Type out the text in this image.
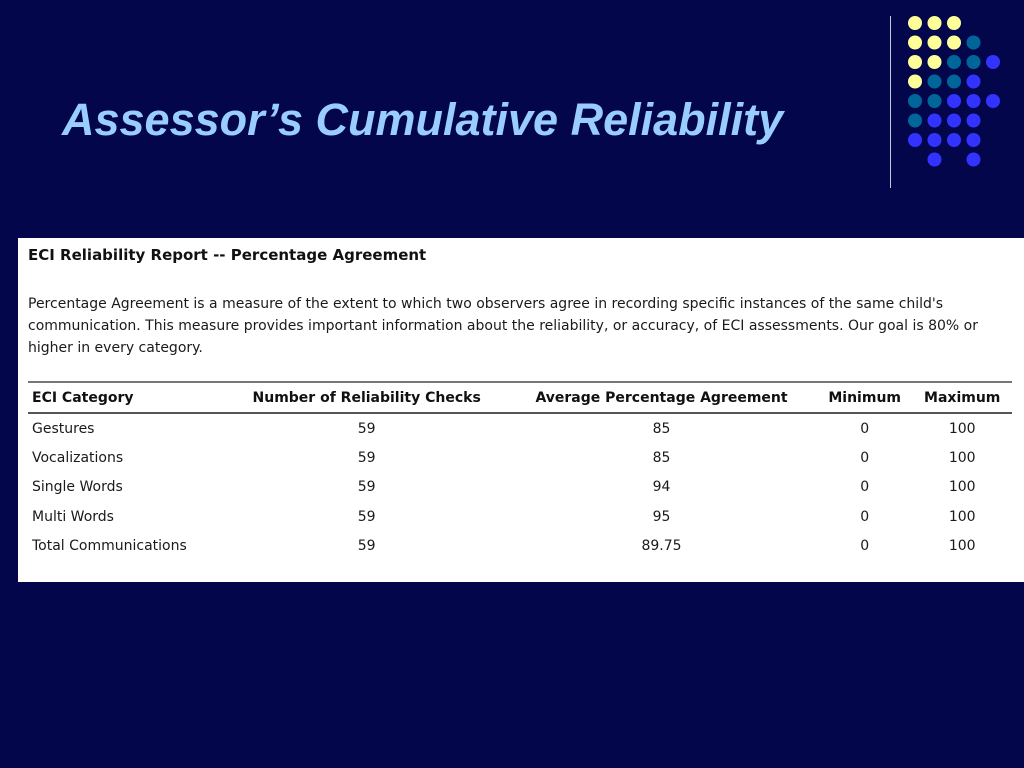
Assessor’s Cumulative Reliability
ECI Reliability Report -- Percentage Agreement
Percentage Agreement is a measure of the extent to which two observers agree in recording specific instances of the same child's communication. This measure provides important information about the reliability, or accuracy, of ECI assessments. Our goal is 80% or higher in every category.
ECI Category	Number of Reliability Checks	Average Percentage Agreement	Minimum	Maximum
Gestures	59	85	0	100
Vocalizations	59	85	0	100
Single Words	59	94	0	100
Multi Words	59	95	0	100
Total Communications	59	89.75	0	100
